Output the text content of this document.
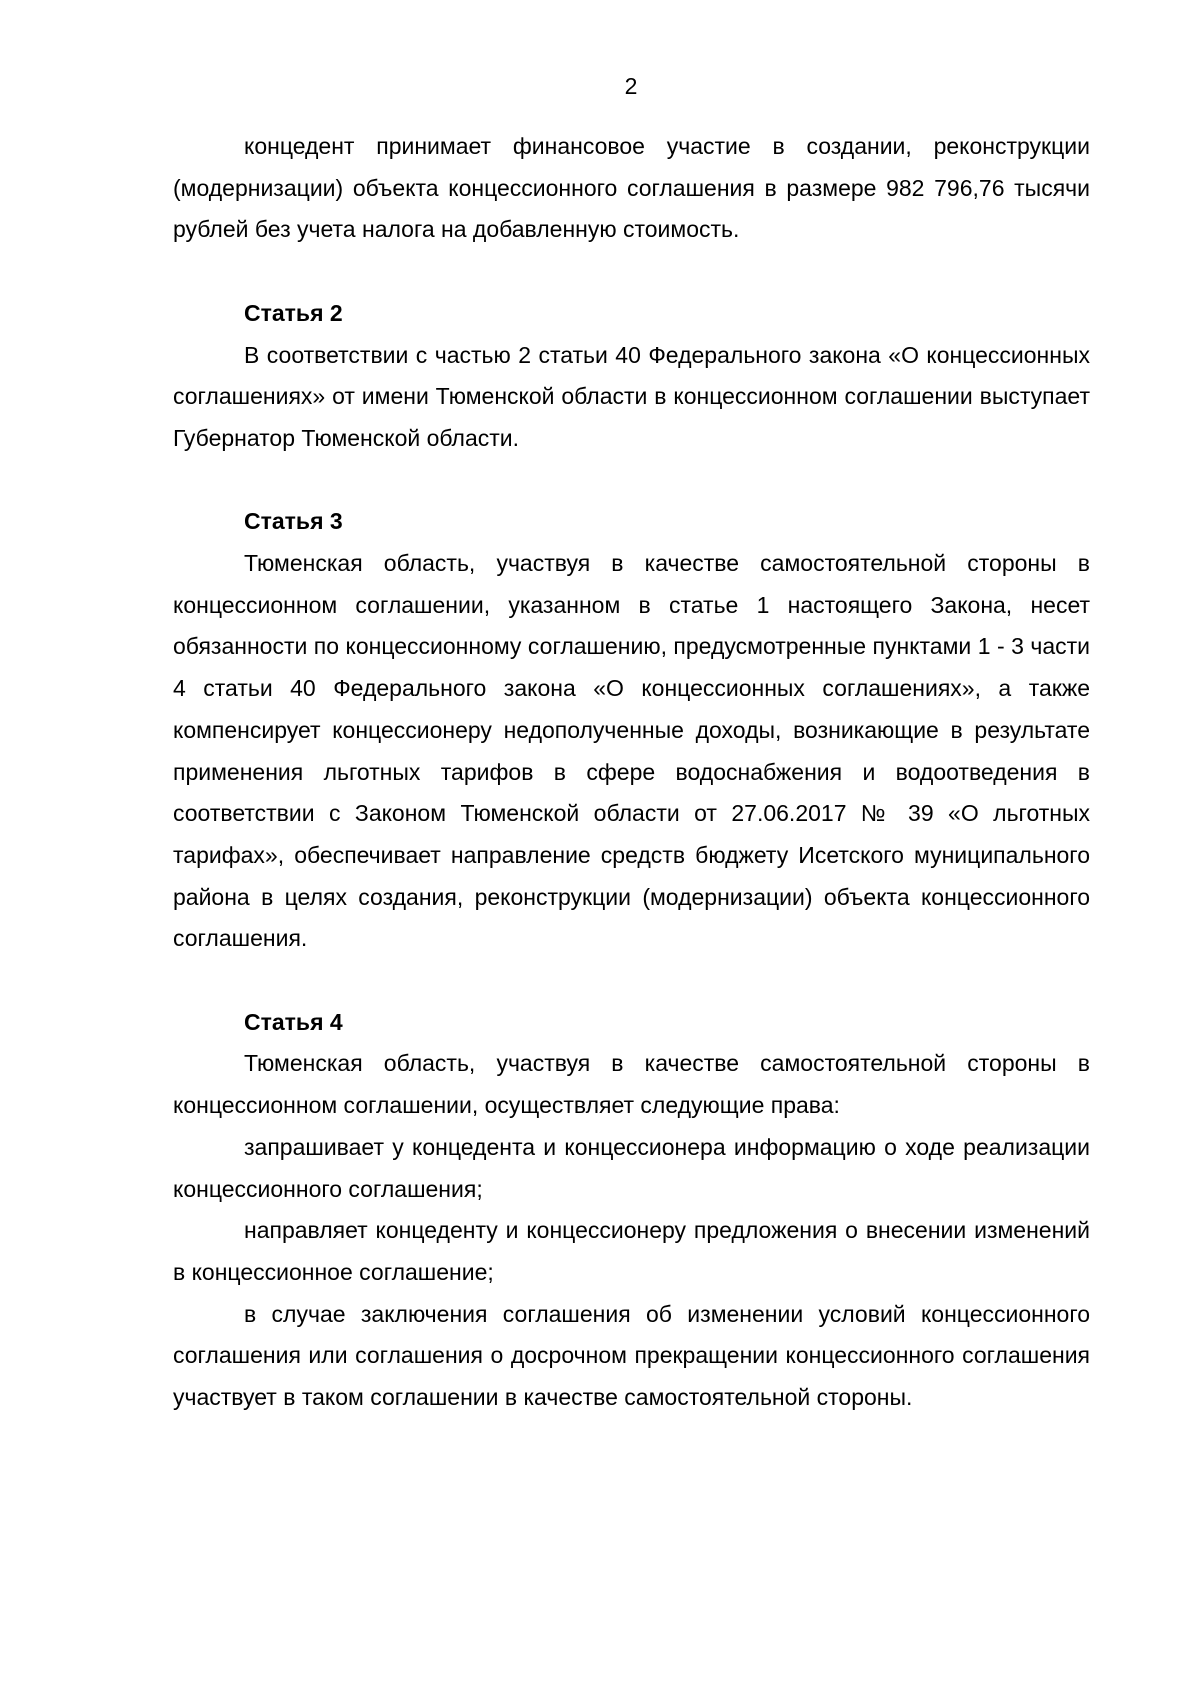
2

концедент принимает финансовое участие в создании, реконструкции (модернизации) объекта концессионного соглашения в размере 982 796,76 тысячи рублей без учета налога на добавленную стоимость.

Статья 2

В соответствии с частью 2 статьи 40 Федерального закона «О концессионных соглашениях» от имени Тюменской области в концессионном соглашении выступает Губернатор Тюменской области.

Статья 3

Тюменская область, участвуя в качестве самостоятельной стороны в концессионном соглашении, указанном в статье 1 настоящего Закона, несет обязанности по концессионному соглашению, предусмотренные пунктами 1 - 3 части 4 статьи 40 Федерального закона «О концессионных соглашениях», а также компенсирует концессионеру недополученные доходы, возникающие в результате применения льготных тарифов в сфере водоснабжения и водоотведения в соответствии с Законом Тюменской области от 27.06.2017 № 39 «О льготных тарифах», обеспечивает направление средств бюджету Исетского муниципального района в целях создания, реконструкции (модернизации) объекта концессионного соглашения.

Статья 4

Тюменская область, участвуя в качестве самостоятельной стороны в концессионном соглашении, осуществляет следующие права:

запрашивает у концедента и концессионера информацию о ходе реализации концессионного соглашения;

направляет концеденту и концессионеру предложения о внесении изменений в концессионное соглашение;

в случае заключения соглашения об изменении условий концессионного соглашения или соглашения о досрочном прекращении концессионного соглашения участвует в таком соглашении в качестве самостоятельной стороны.
